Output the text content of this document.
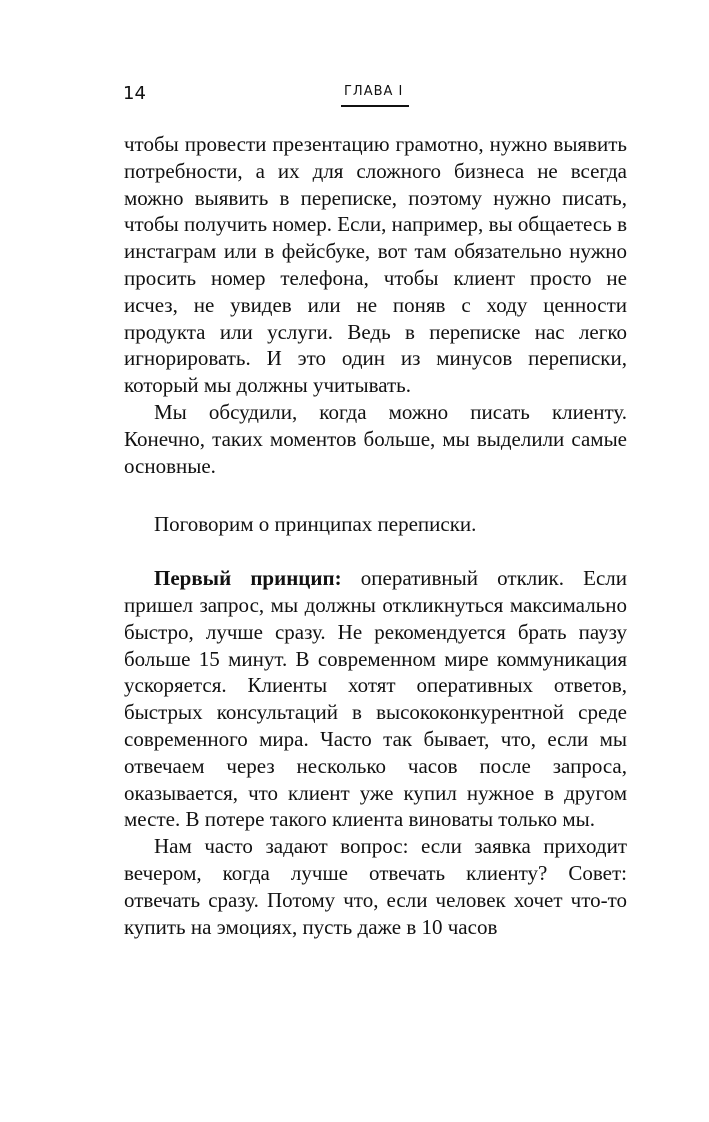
14	ГЛАВА I

чтобы провести презентацию грамотно, нужно выявить потребности, а их для сложного бизнеса не всегда можно выявить в переписке, поэтому нужно писать, чтобы получить номер. Если, например, вы общаетесь в инстаграм или в фейсбуке, вот там обязательно нужно просить номер телефона, чтобы клиент просто не исчез, не увидев или не поняв с ходу ценности продукта или услуги. Ведь в переписке нас легко игнорировать. И это один из минусов переписки, который мы должны учитывать.

Мы обсудили, когда можно писать клиенту. Конечно, таких моментов больше, мы выделили самые основные.

Поговорим о принципах переписки.

Первый принцип: оперативный отклик. Если пришел запрос, мы должны откликнуться максимально быстро, лучше сразу. Не рекомендуется брать паузу больше 15 минут. В современном мире коммуникация ускоряется. Клиенты хотят оперативных ответов, быстрых консультаций в высококонкурентной среде современного мира. Часто так бывает, что, если мы отвечаем через несколько часов после запроса, оказывается, что клиент уже купил нужное в другом месте. В потере такого клиента виноваты только мы.

Нам часто задают вопрос: если заявка приходит вечером, когда лучше отвечать клиенту? Совет: отвечать сразу. Потому что, если человек хочет что-то купить на эмоциях, пусть даже в 10 часов
